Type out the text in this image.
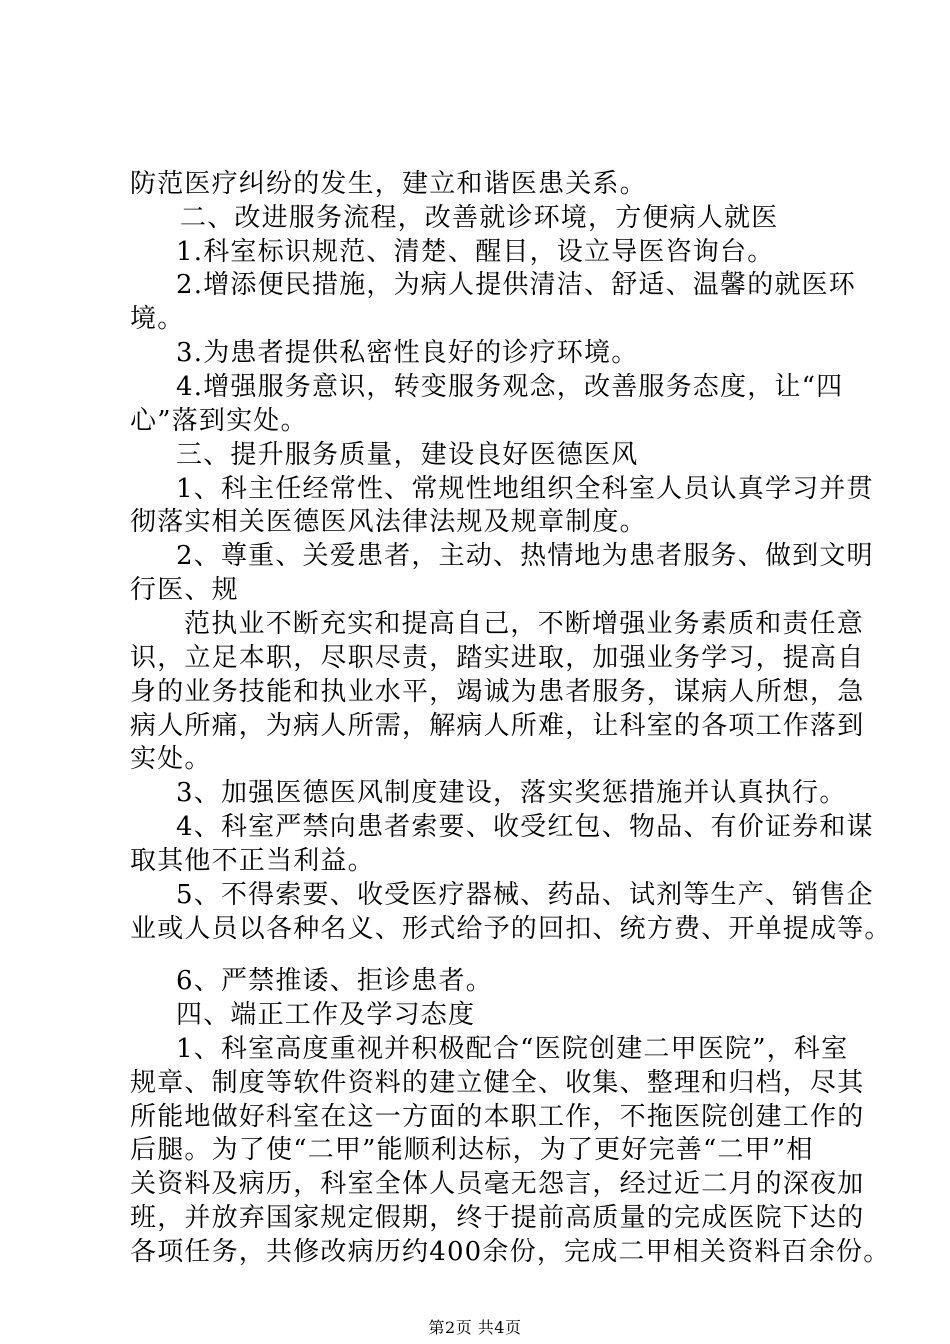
防范医疗纠纷的发生，建立和谐医患关系。
二、改进服务流程，改善就诊环境，方便病人就医
1.科室标识规范、清楚、醒目，设立导医咨询台。
2.增添便民措施，为病人提供清洁、舒适、温馨的就医环
境。
3.为患者提供私密性良好的诊疗环境。
4.增强服务意识，转变服务观念，改善服务态度，让“四
心”落到实处。
三、提升服务质量，建设良好医德医风
1、科主任经常性、常规性地组织全科室人员认真学习并贯
彻落实相关医德医风法律法规及规章制度。
2、尊重、关爱患者，主动、热情地为患者服务、做到文明
行医、规
范执业不断充实和提高自己，不断增强业务素质和责任意
识，立足本职，尽职尽责，踏实进取，加强业务学习，提高自
身的业务技能和执业水平，竭诚为患者服务，谋病人所想，急
病人所痛，为病人所需，解病人所难，让科室的各项工作落到
实处。
3、加强医德医风制度建设，落实奖惩措施并认真执行。
4、科室严禁向患者索要、收受红包、物品、有价证券和谋
取其他不正当利益。
5、不得索要、收受医疗器械、药品、试剂等生产、销售企
业或人员以各种名义、形式给予的回扣、统方费、开单提成等。
6、严禁推诿、拒诊患者。
四、端正工作及学习态度
1、科室高度重视并积极配合“医院创建二甲医院”，科室
规章、制度等软件资料的建立健全、收集、整理和归档，尽其
所能地做好科室在这一方面的本职工作，不拖医院创建工作的
后腿。为了使“二甲”能顺利达标，为了更好完善“二甲”相
关资料及病历，科室全体人员毫无怨言，经过近二月的深夜加
班，并放弃国家规定假期，终于提前高质量的完成医院下达的
各项任务，共修改病历约400余份，完成二甲相关资料百余份。
第2页 共4页
